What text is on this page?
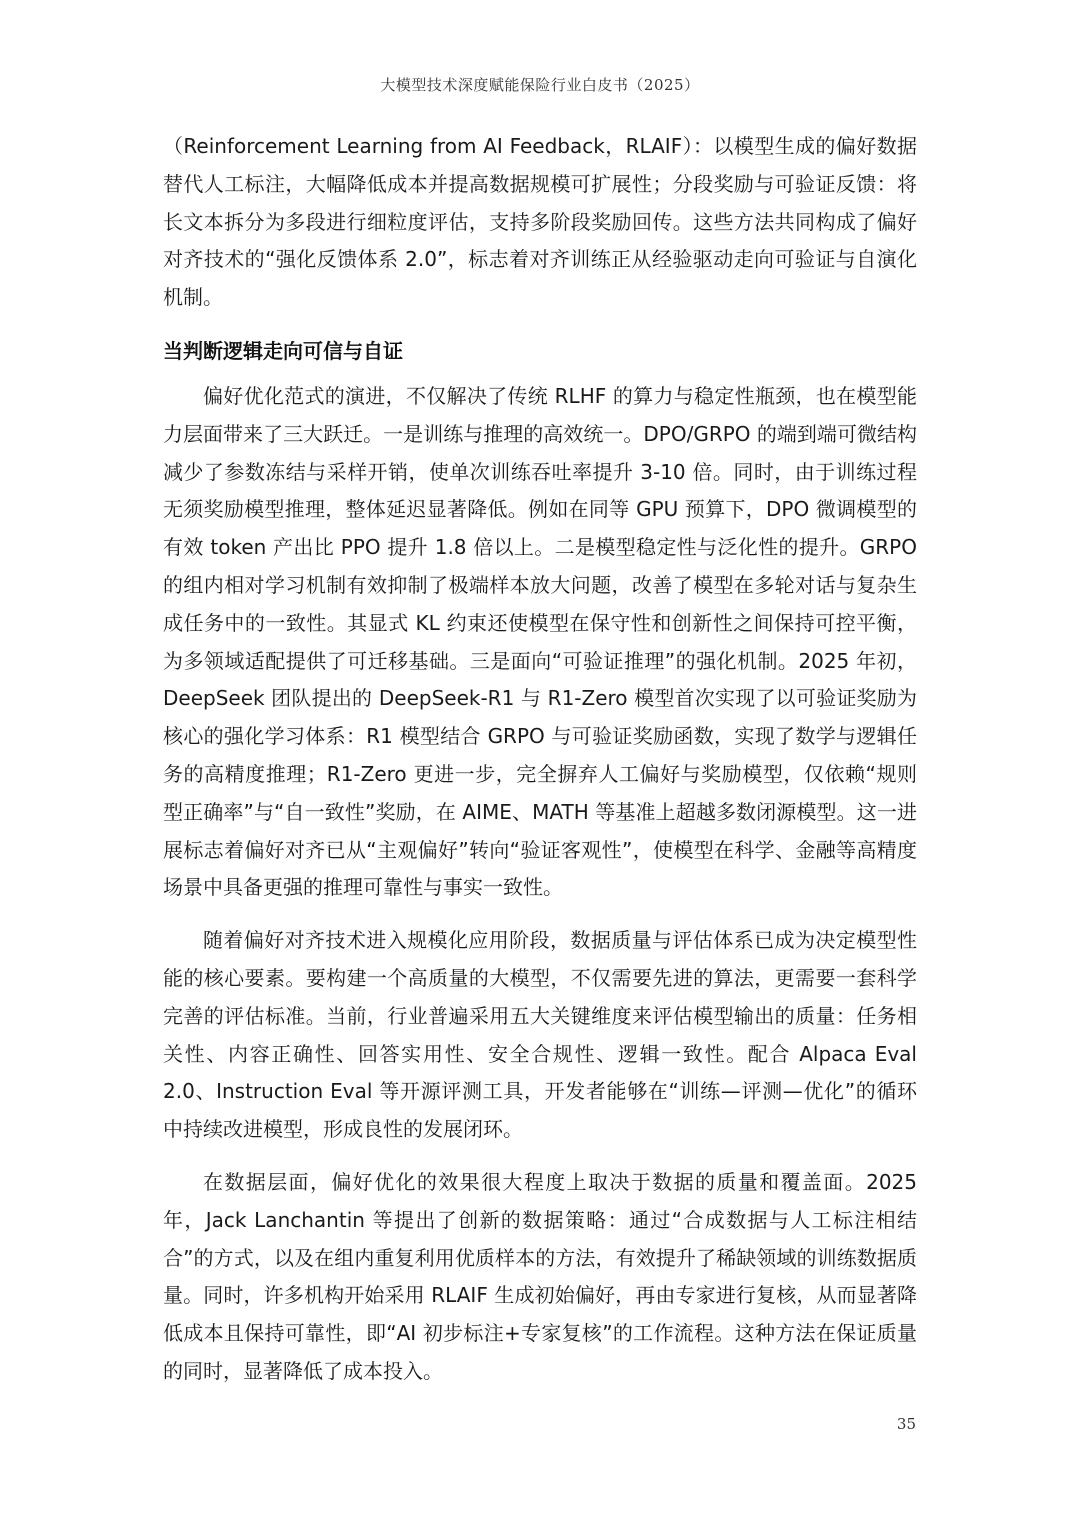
大模型技术深度赋能保险行业白皮书（2025）

（Reinforcement Learning from AI Feedback，RLAIF）：以模型生成的偏好数据替代人工标注，大幅降低成本并提高数据规模可扩展性；分段奖励与可验证反馈：将长文本拆分为多段进行细粒度评估，支持多阶段奖励回传。这些方法共同构成了偏好对齐技术的“强化反馈体系 2.0”，标志着对齐训练正从经验驱动走向可验证与自演化机制。

当判断逻辑走向可信与自证

偏好优化范式的演进，不仅解决了传统 RLHF 的算力与稳定性瓶颈，也在模型能力层面带来了三大跃迁。一是训练与推理的高效统一。DPO/GRPO 的端到端可微结构减少了参数冻结与采样开销，使单次训练吞吐率提升 3-10 倍。同时，由于训练过程无须奖励模型推理，整体延迟显著降低。例如在同等 GPU 预算下，DPO 微调模型的有效 token 产出比 PPO 提升 1.8 倍以上。二是模型稳定性与泛化性的提升。GRPO 的组内相对学习机制有效抑制了极端样本放大问题，改善了模型在多轮对话与复杂生成任务中的一致性。其显式 KL 约束还使模型在保守性和创新性之间保持可控平衡，为多领域适配提供了可迁移基础。三是面向“可验证推理”的强化机制。2025 年初，DeepSeek 团队提出的 DeepSeek-R1 与 R1-Zero 模型首次实现了以可验证奖励为核心的强化学习体系：R1 模型结合 GRPO 与可验证奖励函数，实现了数学与逻辑任务的高精度推理；R1-Zero 更进一步，完全摒弃人工偏好与奖励模型，仅依赖“规则型正确率”与“自一致性”奖励，在 AIME、MATH 等基准上超越多数闭源模型。这一进展标志着偏好对齐已从“主观偏好”转向“验证客观性”，使模型在科学、金融等高精度场景中具备更强的推理可靠性与事实一致性。

随着偏好对齐技术进入规模化应用阶段，数据质量与评估体系已成为决定模型性能的核心要素。要构建一个高质量的大模型，不仅需要先进的算法，更需要一套科学完善的评估标准。当前，行业普遍采用五大关键维度来评估模型输出的质量：任务相关性、内容正确性、回答实用性、安全合规性、逻辑一致性。配合 Alpaca Eval 2.0、Instruction Eval 等开源评测工具，开发者能够在“训练—评测—优化”的循环中持续改进模型，形成良性的发展闭环。

在数据层面，偏好优化的效果很大程度上取决于数据的质量和覆盖面。2025 年，Jack Lanchantin 等提出了创新的数据策略：通过“合成数据与人工标注相结合”的方式，以及在组内重复利用优质样本的方法，有效提升了稀缺领域的训练数据质量。同时，许多机构开始采用 RLAIF 生成初始偏好，再由专家进行复核，从而显著降低成本且保持可靠性，即“AI 初步标注+专家复核”的工作流程。这种方法在保证质量的同时，显著降低了成本投入。

35
